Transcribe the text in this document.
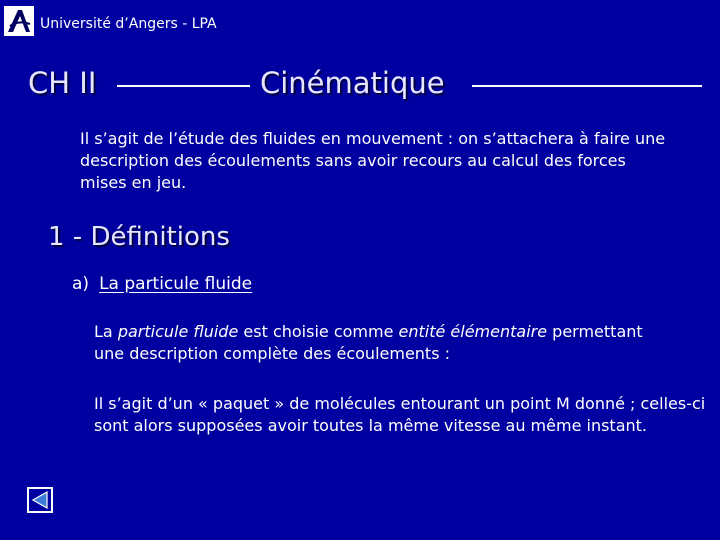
Université d’Angers - LPA
CH II	Cinématique

Il s’agit de l’étude des fluides en mouvement : on s’attachera à faire une description des écoulements sans avoir recours au calcul des forces mises en jeu.

1 - Définitions
a) La particule fluide

La particule fluide est choisie comme entité élémentaire permettant une description complète des écoulements :

Il s’agit d’un « paquet » de molécules entourant un point M donné ; celles-ci sont alors supposées avoir toutes la même vitesse au même instant.
